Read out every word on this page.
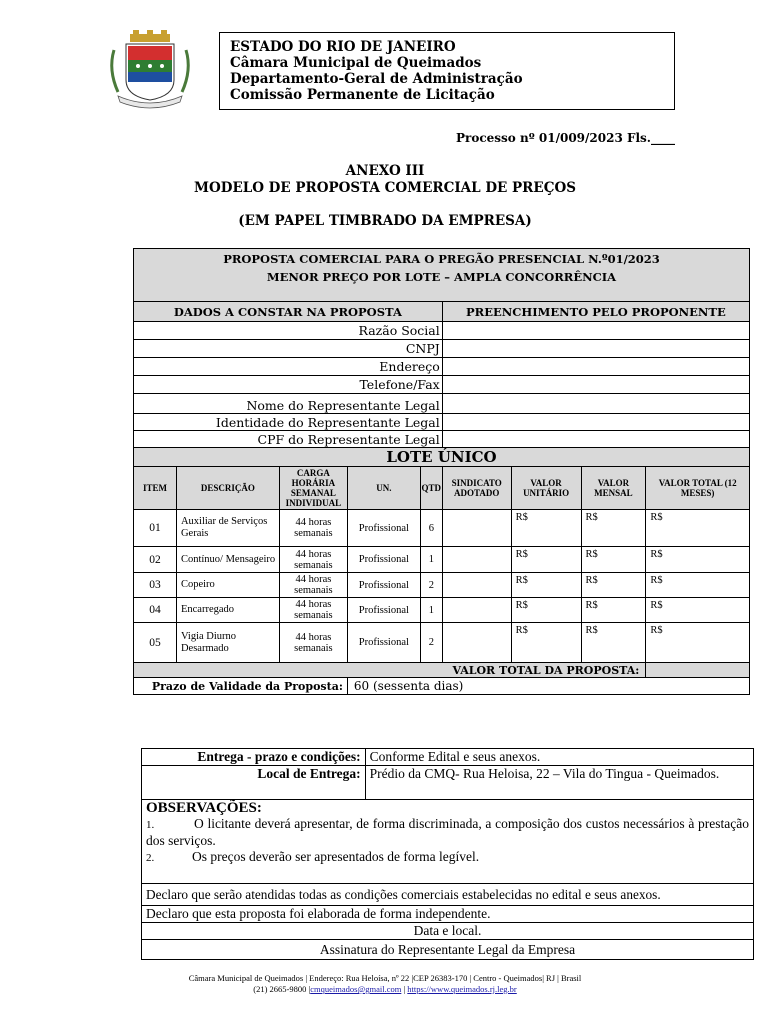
ESTADO DO RIO DE JANEIRO
Câmara Municipal de Queimados
Departamento-Geral de Administração
Comissão Permanente de Licitação
Processo nº 01/009/2023 Fls.____
ANEXO III
MODELO DE PROPOSTA COMERCIAL DE PREÇOS
(EM PAPEL TIMBRADO DA EMPRESA)
PROPOSTA COMERCIAL PARA O PREGÃO PRESENCIAL N.º01/2023								
MENOR PREÇO POR LOTE – AMPLA CONCORRÊNCIA								
DADOS A CONSTAR NA PROPOSTA					PREENCHIMENTO PELO PROPONENTE			
Razão Social								
CNPJ								
Endereço								
Telefone/Fax								
Nome do Representante Legal								
Identidade do Representante Legal								
CPF do Representante Legal								
LOTE ÚNICO								
ITEM	DESCRIÇÃO	CARGA HORÁRIA SEMANAL INDIVIDUAL	UN.	QTD	SINDICATO ADOTADO	VALOR UNITÁRIO	VALOR MENSAL	VALOR TOTAL (12 MESES)
01	Auxiliar de Serviços Gerais	44 horas semanais	Profissional	6		R$	R$	R$
02	Contínuo/ Mensageiro	44 horas semanais	Profissional	1		R$	R$	R$
03	Copeiro	44 horas semanais	Profissional	2		R$	R$	R$
04	Encarregado	44 horas semanais	Profissional	1		R$	R$	R$
05	Vigia Diurno Desarmado	44 horas semanais	Profissional	2		R$	R$	R$
			VALOR TOTAL DA PROPOSTA:					
Prazo de Validade da Proposta:			60 (sessenta dias)					
Entrega - prazo e condições:	Conforme Edital e seus anexos.
Local de Entrega:	Prédio da CMQ- Rua Heloisa, 22 – Vila do Tingua - Queimados.

OBSERVAÇÕES:
1. O licitante deverá apresentar, de forma discriminada, a composição dos custos necessários à prestação dos serviços.
2. Os preços deverão ser apresentados de forma legível.	

Declaro que serão atendidas todas as condições comerciais estabelecidas no edital e seus anexos.	
Declaro que esta proposta foi elaborada de forma independente.	
Data e local.	
Assinatura do Representante Legal da Empresa	
Câmara Municipal de Queimados | Endereço: Rua Heloísa, nº 22 |CEP 26383-170 | Centro - Queimados| RJ | Brasil
(21) 2665-9800 |cmqueimados@gmail.com | https://www.queimados.rj.leg.br
